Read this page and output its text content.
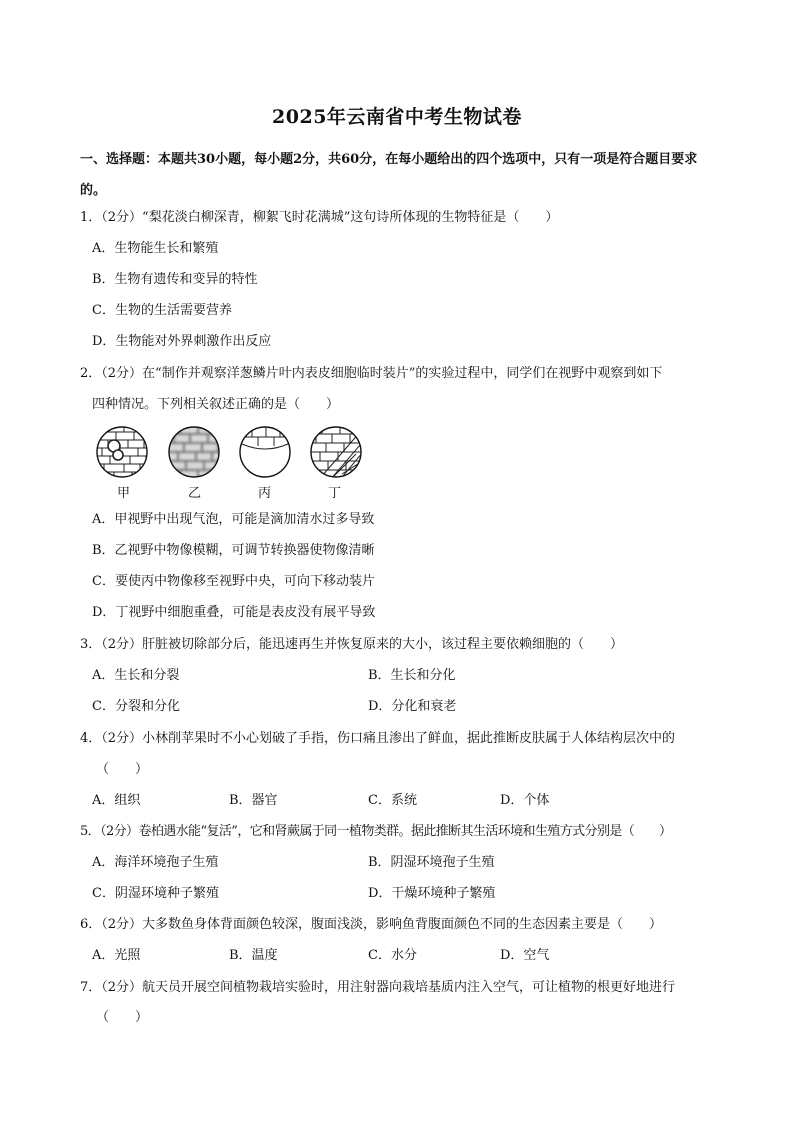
2025年云南省中考生物试卷
一、选择题：本题共30小题，每小题2分，共60分，在每小题给出的四个选项中，只有一项是符合题目要求的。
1．（2分）“梨花淡白柳深青，柳絮飞时花满城”这句诗所体现的生物特征是（　　）
A．生物能生长和繁殖
B．生物有遗传和变异的特性
C．生物的生活需要营养
D．生物能对外界刺激作出反应
2．（2分）在“制作并观察洋葱鳞片叶内表皮细胞临时装片”的实验过程中，同学们在视野中观察到如下
四种情况。下列相关叙述正确的是（　　）
甲	乙	丙	丁
A．甲视野中出现气泡，可能是滴加清水过多导致
B．乙视野中物像模糊，可调节转换器使物像清晰
C．要使丙中物像移至视野中央，可向下移动装片
D．丁视野中细胞重叠，可能是表皮没有展平导致
3．（2分）肝脏被切除部分后，能迅速再生并恢复原来的大小，该过程主要依赖细胞的（　　）
A．生长和分裂	B．生长和分化
C．分裂和分化	D．分化和衰老
4．（2分）小林削苹果时不小心划破了手指，伤口痛且渗出了鲜血，据此推断皮肤属于人体结构层次中的
（　　）
A．组织	B．器官	C．系统	D．个体
5．（2分）卷柏遇水能“复活”，它和肾蕨属于同一植物类群。据此推断其生活环境和生殖方式分别是（　　）
A．海洋环境孢子生殖	B．阴湿环境孢子生殖
C．阴湿环境种子繁殖	D．干燥环境种子繁殖
6．（2分）大多数鱼身体背面颜色较深，腹面浅淡，影响鱼背腹面颜色不同的生态因素主要是（　　）
A．光照	B．温度	C．水分	D．空气
7．（2分）航天员开展空间植物栽培实验时，用注射器向栽培基质内注入空气，可让植物的根更好地进行
（　　）
